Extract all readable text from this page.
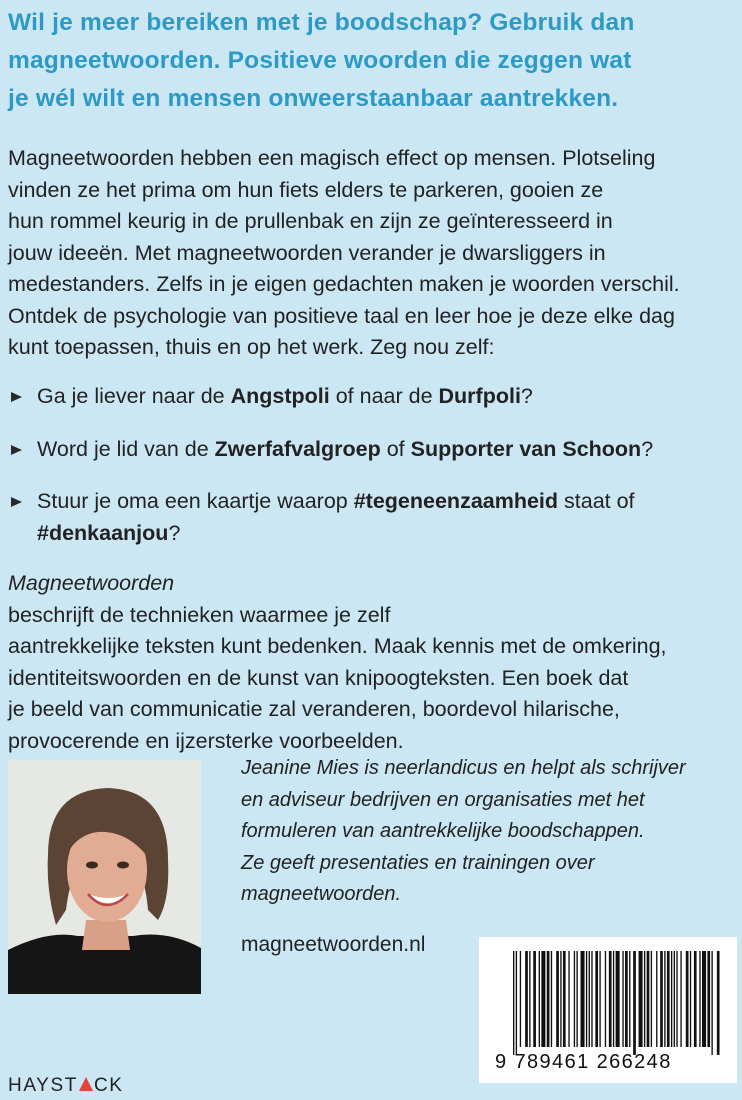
Wil je meer bereiken met je boodschap? Gebruik dan
magneetwoorden. Positieve woorden die zeggen wat
je wél wilt en mensen onweerstaanbaar aantrekken.
Magneetwoorden hebben een magisch effect op mensen. Plotseling
vinden ze het prima om hun fiets elders te parkeren, gooien ze
hun rommel keurig in de prullenbak en zijn ze geïnteresseerd in
jouw ideeën. Met magneetwoorden verander je dwarsliggers in
medestanders. Zelfs in je eigen gedachten maken je woorden verschil.
Ontdek de psychologie van positieve taal en leer hoe je deze elke dag
kunt toepassen, thuis en op het werk. Zeg nou zelf:
Ga je liever naar de Angstpoli of naar de Durfpoli?
Word je lid van de Zwerfafvalgroep of Supporter van Schoon?
Stuur je oma een kaartje waarop #tegeneenzaamheid staat of
#denkaanjou?
Magneetwoorden
beschrijft de technieken waarmee je zelf
aantrekkelijke teksten kunt bedenken. Maak kennis met de omkering,
identiteitswoorden en de kunst van knipoogteksten. Een boek dat
je beeld van communicatie zal veranderen, boordevol hilarische,
provocerende en ijzersterke voorbeelden.
Jeanine Mies is neerlandicus en helpt als schrijver
en adviseur bedrijven en organisaties met het
formuleren van aantrekkelijke boodschappen.
Ze geeft presentaties en trainingen over
magneetwoorden.
magneetwoorden.nl
HAYST CK
9 789461 266248
